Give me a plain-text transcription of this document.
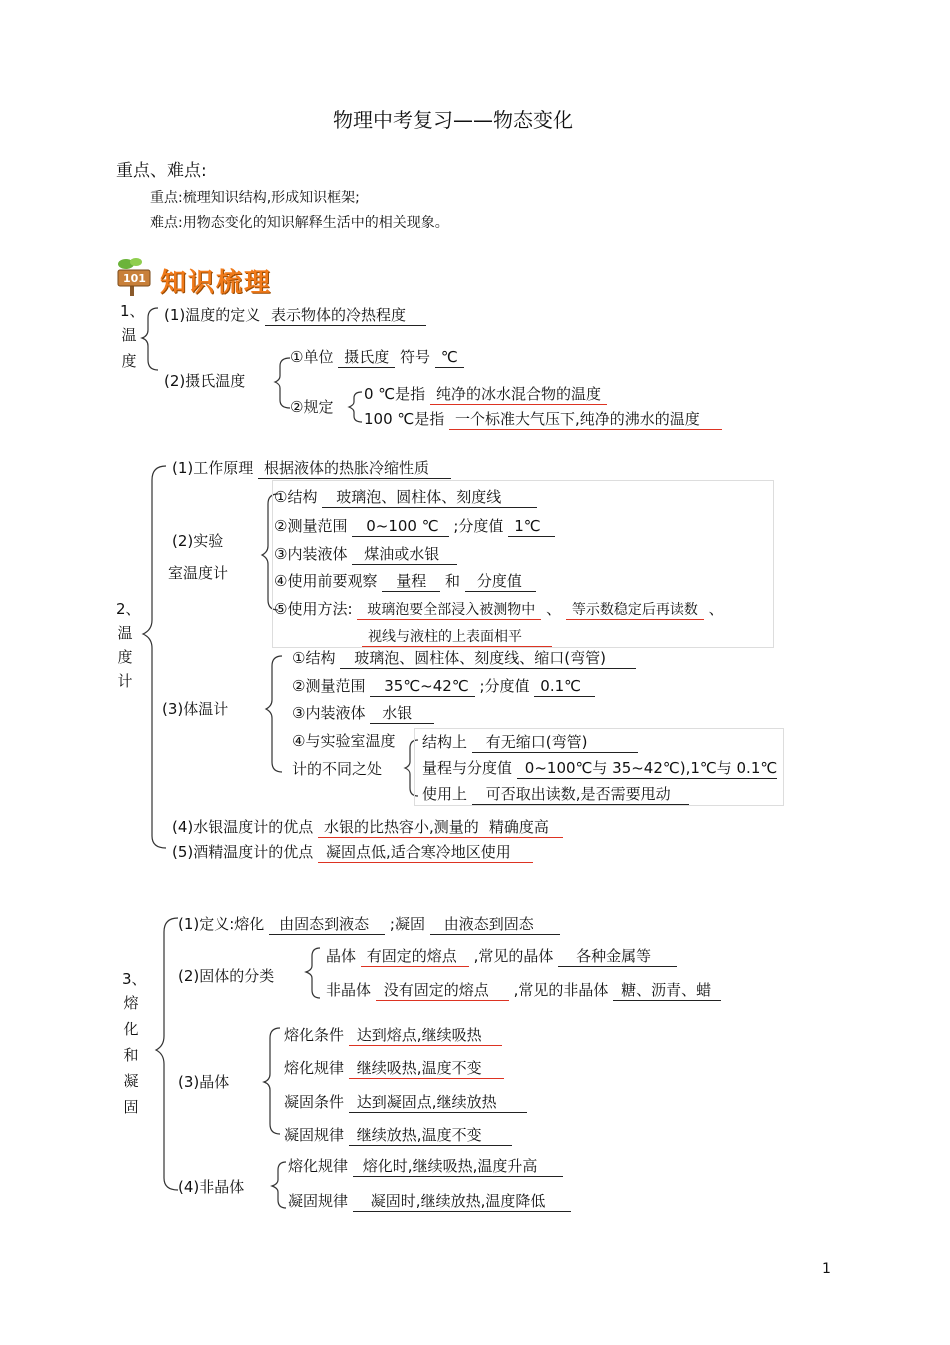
物理中考复习——物态变化
重点、难点:
重点:梳理知识结构,形成知识框架;
难点:用物态变化的知识解释生活中的相关现象。
101 知识梳理
1、
温
度
(1)温度的定义 表示物体的冷热程度
(2)摄氏温度
①单位 摄氏度 符号 ℃
②规定
0 ℃是指 纯净的冰水混合物的温度
100 ℃是指 一个标准大气压下,纯净的沸水的温度
2、
温
度
计
(1)工作原理 根据液体的热胀冷缩性质
(2)实验
室温度计
①结构 玻璃泡、圆柱体、刻度线
②测量范围 0~100 ℃ ;分度值 1℃
③内装液体 煤油或水银
④使用前要观察 量程 和 分度值
⑤使用方法: 玻璃泡要全部浸入被测物中 、 等示数稳定后再读数 、
视线与液柱的上表面相平
(3)体温计
①结构 玻璃泡、圆柱体、刻度线、缩口(弯管)
②测量范围 35℃~42℃ ;分度值 0.1℃
③内装液体 水银
④与实验室温度
计的不同之处
结构上 有无缩口(弯管)
量程与分度值 0~100℃与 35~42℃),1℃与 0.1℃
使用上 可否取出读数,是否需要甩动
(4)水银温度计的优点 水银的比热容小,测量的 精确度高
(5)酒精温度计的优点 凝固点低,适合寒冷地区使用
3、
熔
化
和
凝
固
(1)定义:熔化 由固态到液态 ;凝固 由液态到固态
(2)固体的分类
晶体 有固定的熔点 ,常见的晶体 各种金属等
非晶体 没有固定的熔点 ,常见的非晶体 糖、沥青、蜡
(3)晶体
熔化条件 达到熔点,继续吸热
熔化规律 继续吸热,温度不变
凝固条件 达到凝固点,继续放热
凝固规律 继续放热,温度不变
(4)非晶体
熔化规律 熔化时,继续吸热,温度升高
凝固规律 凝固时,继续放热,温度降低
1
